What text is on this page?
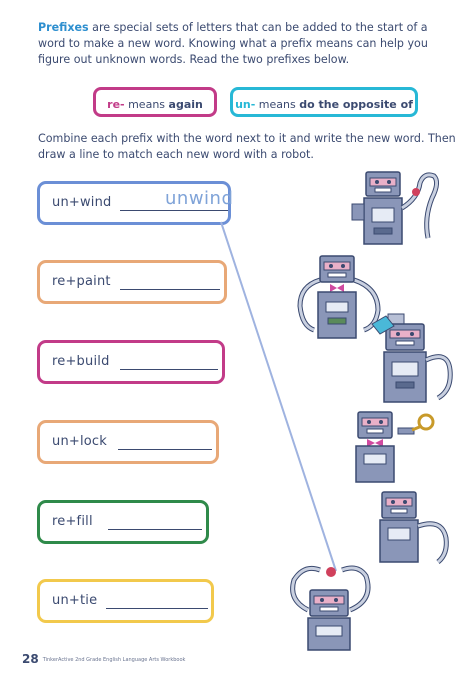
Prefixes are special sets of letters that can be added to the start of a word to make a new word. Knowing what a prefix means can help you figure out unknown words. Read the two prefixes below.
re- means again	un- means do the opposite of
Combine each prefix with the word next to it and write the new word. Then draw a line to match each new word with a robot.
un+wind	unwind
re+paint
re+build
un+lock
re+fill
un+tie
28 TinkerActive 2nd Grade English Language Arts Workbook
